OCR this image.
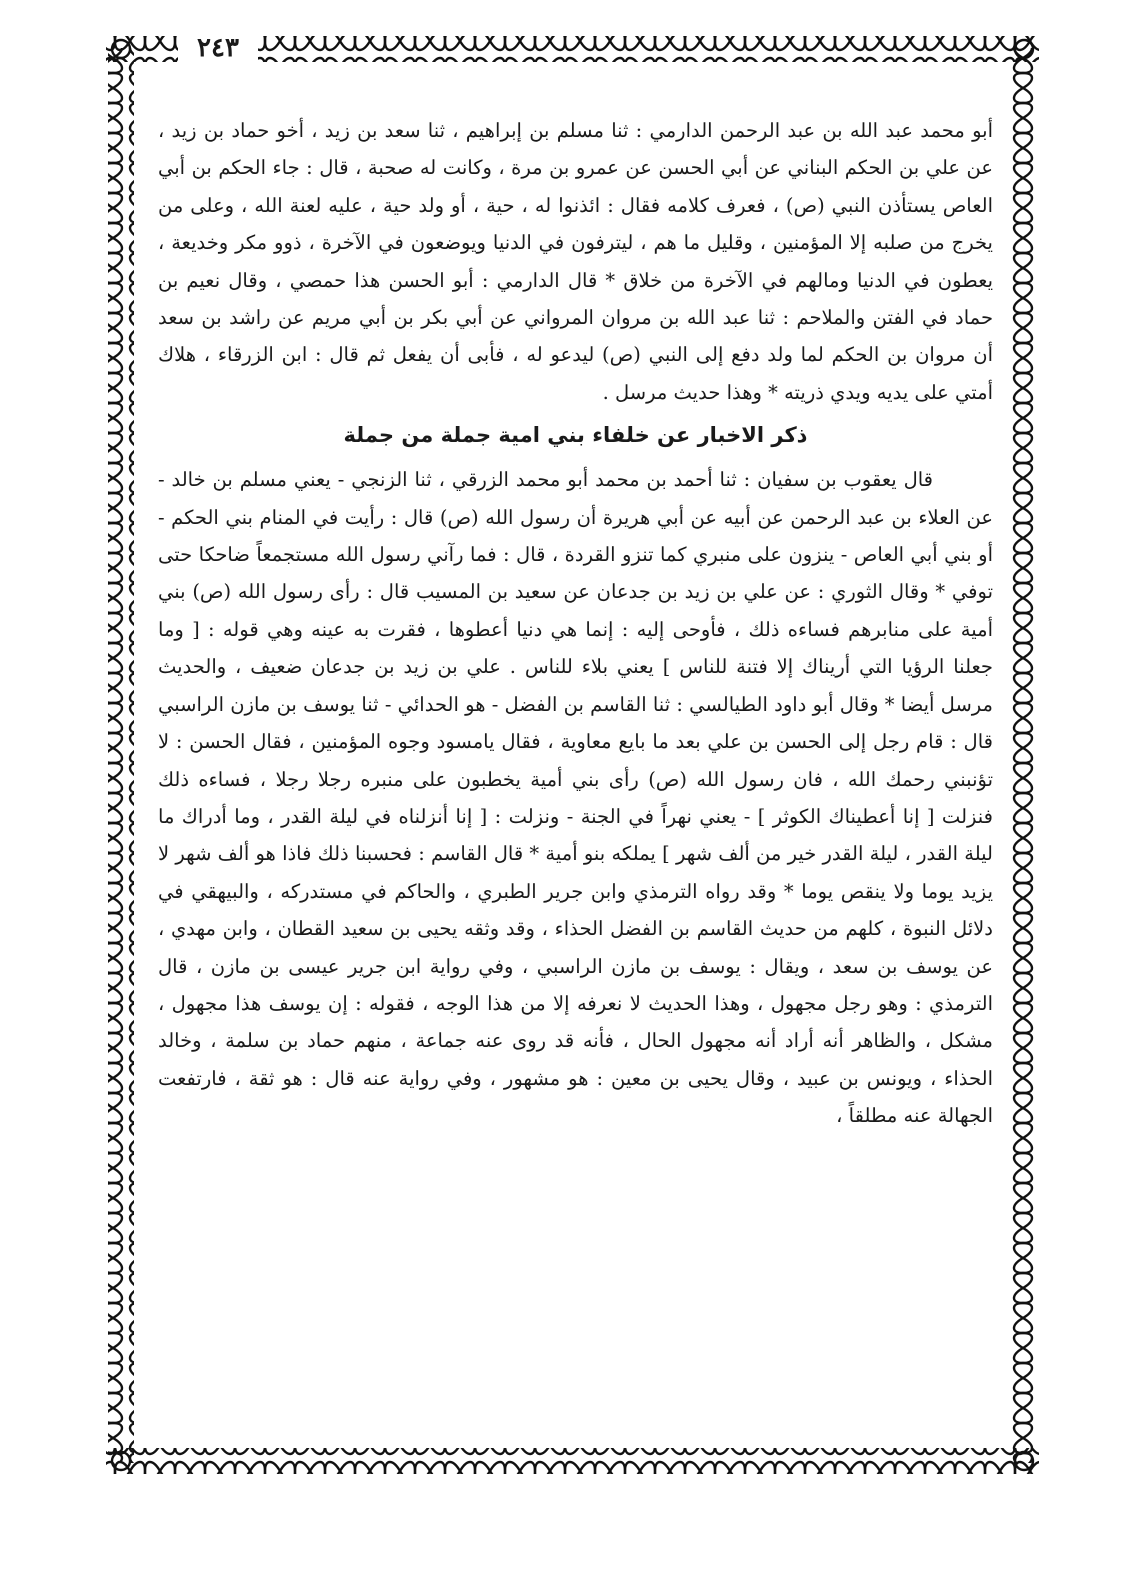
٢٤٣

أبو محمد عبد الله بن عبد الرحمن الدارمي : ثنا مسلم بن إبراهيم ، ثنا سعد بن زيد ، أخو حماد بن زيد ، عن علي بن الحكم البناني عن أبي الحسن عن عمرو بن مرة ، وكانت له صحبة ، قال : جاء الحكم بن أبي العاص يستأذن النبي (ص) ، فعرف كلامه فقال : ائذنوا له ، حية ، أو ولد حية ، عليه لعنة الله ، وعلى من يخرج من صلبه إلا المؤمنين ، وقليل ما هم ، ليترفون في الدنيا ويوضعون في الآخرة ، ذوو مكر وخديعة ، يعطون في الدنيا ومالهم في الآخرة من خلاق * قال الدارمي : أبو الحسن هذا حمصي ، وقال نعيم بن حماد في الفتن والملاحم : ثنا عبد الله بن مروان المرواني عن أبي بكر بن أبي مريم عن راشد بن سعد أن مروان بن الحكم لما ولد دفع إلى النبي (ص) ليدعو له ، فأبى أن يفعل ثم قال : ابن الزرقاء ، هلاك أمتي على يديه ويدي ذريته * وهذا حديث مرسل .

ذكر الاخبار عن خلفاء بني امية جملة من جملة

قال يعقوب بن سفيان : ثنا أحمد بن محمد أبو محمد الزرقي ، ثنا الزنجي - يعني مسلم بن خالد - عن العلاء بن عبد الرحمن عن أبيه عن أبي هريرة أن رسول الله (ص) قال : رأيت في المنام بني الحكم - أو بني أبي العاص - ينزون على منبري كما تنزو القردة ، قال : فما رآني رسول الله مستجمعاً ضاحكا حتى توفي * وقال الثوري : عن علي بن زيد بن جدعان عن سعيد بن المسيب قال : رأى رسول الله (ص) بني أمية على منابرهم فساءه ذلك ، فأوحى إليه : إنما هي دنيا أعطوها ، فقرت به عينه وهي قوله : [ وما جعلنا الرؤيا التي أريناك إلا فتنة للناس ] يعني بلاء للناس . علي بن زيد بن جدعان ضعيف ، والحديث مرسل أيضا * وقال أبو داود الطيالسي : ثنا القاسم بن الفضل - هو الحدائي - ثنا يوسف بن مازن الراسبي قال : قام رجل إلى الحسن بن علي بعد ما بايع معاوية ، فقال يامسود وجوه المؤمنين ، فقال الحسن : لا تؤنبني رحمك الله ، فان رسول الله (ص) رأى بني أمية يخطبون على منبره رجلا رجلا ، فساءه ذلك فنزلت [ إنا أعطيناك الكوثر ] - يعني نهراً في الجنة - ونزلت : [ إنا أنزلناه في ليلة القدر ، وما أدراك ما ليلة القدر ، ليلة القدر خير من ألف شهر ] يملكه بنو أمية * قال القاسم : فحسبنا ذلك فاذا هو ألف شهر لا يزيد يوما ولا ينقص يوما * وقد رواه الترمذي وابن جرير الطبري ، والحاكم في مستدركه ، والبيهقي في دلائل النبوة ، كلهم من حديث القاسم بن الفضل الحذاء ، وقد وثقه يحيى بن سعيد القطان ، وابن مهدي ، عن يوسف بن سعد ، ويقال : يوسف بن مازن الراسبي ، وفي رواية ابن جرير عيسى بن مازن ، قال الترمذي : وهو رجل مجهول ، وهذا الحديث لا نعرفه إلا من هذا الوجه ، فقوله : إن يوسف هذا مجهول ، مشكل ، والظاهر أنه أراد أنه مجهول الحال ، فأنه قد روى عنه جماعة ، منهم حماد بن سلمة ، وخالد الحذاء ، ويونس بن عبيد ، وقال يحيى بن معين : هو مشهور ، وفي رواية عنه قال : هو ثقة ، فارتفعت الجهالة عنه مطلقاً ،
